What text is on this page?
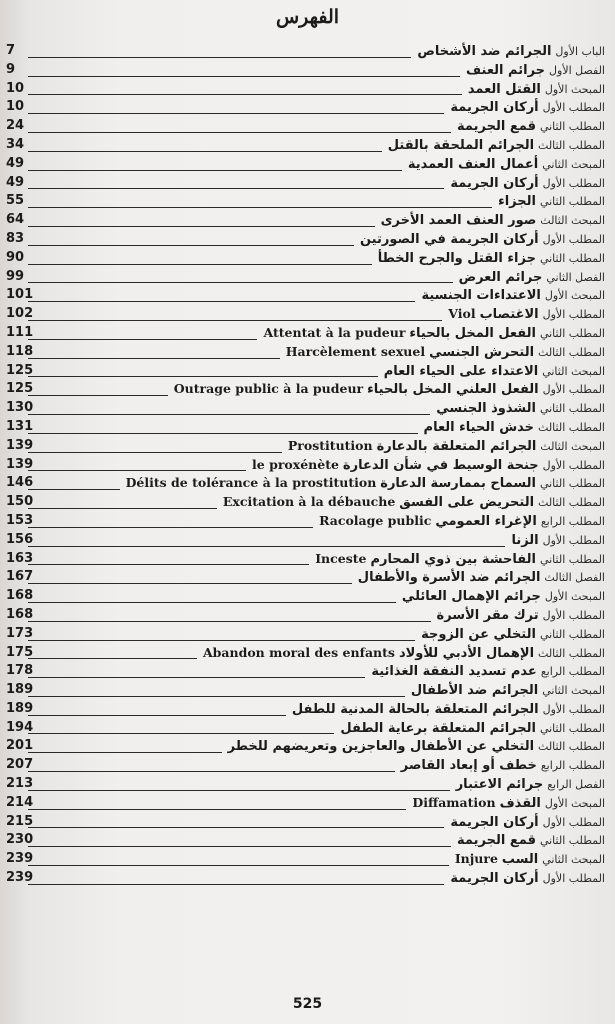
الفهرس
7	الباب الأول الجرائم ضد الأشخاص
9	الفصل الأول جرائم العنف
10	المبحث الأول القتل العمد
10	المطلب الأول أركان الجريمة
24	المطلب الثاني قمع الجريمة
34	المطلب الثالث الجرائم الملحقة بالقتل
49	المبحث الثاني أعمال العنف العمدية
49	المطلب الأول أركان الجريمة
55	المطلب الثاني الجزاء
64	المبحث الثالث صور العنف العمد الأخرى
83	المطلب الأول أركان الجريمة في الصورتين
90	المطلب الثاني جزاء القتل والجرح الخطأ
99	الفصل الثاني جرائم العرض
101	المبحث الأول الاعتداءات الجنسية
102	المطلب الأول الاغتصاب Viol
111	المطلب الثاني الفعل المخل بالحياء Attentat à la pudeur
118	المطلب الثالث التحرش الجنسي Harcèlement sexuel
125	المبحث الثاني الاعتداء على الحياء العام
125	المطلب الأول الفعل العلني المخل بالحياء Outrage public à la pudeur
130	المطلب الثاني الشذوذ الجنسي
131	المطلب الثالث خدش الحياء العام
139	المبحث الثالث الجرائم المتعلقة بالدعارة Prostitution
139	المطلب الأول جنحة الوسيط في شأن الدعارة le proxénète
146	المطلب الثاني السماح بممارسة الدعارة Délits de tolérance à la prostitution
150	المطلب الثالث التحريض على الفسق Excitation à la débauche
153	المطلب الرابع الإغراء العمومي Racolage public
156	المطلب الأول الزنا
163	المطلب الثاني الفاحشة بين ذوي المحارم Inceste
167	الفصل الثالث الجرائم ضد الأسرة والأطفال
168	المبحث الأول جرائم الإهمال العائلي
168	المطلب الأول ترك مقر الأسرة
173	المطلب الثاني التخلي عن الزوجة
175	المطلب الثالث الإهمال الأدبي للأولاد Abandon moral des enfants
178	المطلب الرابع عدم تسديد النفقة الغذائية
189	المبحث الثاني الجرائم ضد الأطفال
189	المطلب الأول الجرائم المتعلقة بالحالة المدنية للطفل
194	المطلب الثاني الجرائم المتعلقة برعاية الطفل
201	المطلب الثالث التخلي عن الأطفال والعاجزين وتعريضهم للخطر
207	المطلب الرابع خطف أو إبعاد القاصر
213	الفصل الرابع جرائم الاعتبار
214	المبحث الأول القذف Diffamation
215	المطلب الأول أركان الجريمة
230	المطلب الثاني قمع الجريمة
239	المبحث الثاني السب Injure
239	المطلب الأول أركان الجريمة
525
